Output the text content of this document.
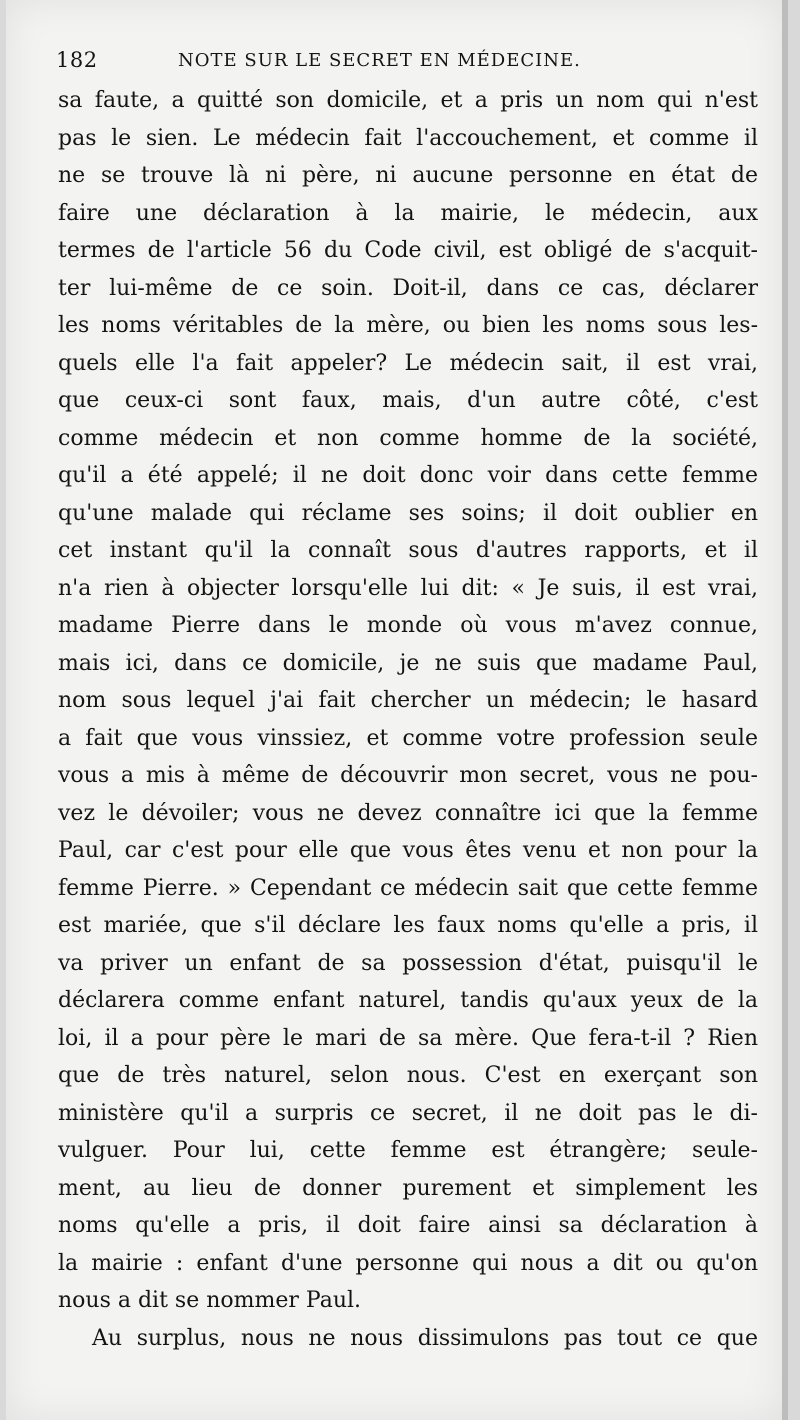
182	NOTE SUR LE SECRET EN MÉDECINE.
sa faute, a quitté son domicile, et a pris un nom qui n'est
pas le sien. Le médecin fait l'accouchement, et comme il
ne se trouve là ni père, ni aucune personne en état de
faire une déclaration à la mairie, le médecin, aux
termes de l'article 56 du Code civil, est obligé de s'acquit-
ter lui-même de ce soin. Doit-il, dans ce cas, déclarer
les noms véritables de la mère, ou bien les noms sous les-
quels elle l'a fait appeler? Le médecin sait, il est vrai,
que ceux-ci sont faux, mais, d'un autre côté, c'est
comme médecin et non comme homme de la société,
qu'il a été appelé; il ne doit donc voir dans cette femme
qu'une malade qui réclame ses soins; il doit oublier en
cet instant qu'il la connaît sous d'autres rapports, et il
n'a rien à objecter lorsqu'elle lui dit: « Je suis, il est vrai,
madame Pierre dans le monde où vous m'avez connue,
mais ici, dans ce domicile, je ne suis que madame Paul,
nom sous lequel j'ai fait chercher un médecin; le hasard
a fait que vous vinssiez, et comme votre profession seule
vous a mis à même de découvrir mon secret, vous ne pou-
vez le dévoiler; vous ne devez connaître ici que la femme
Paul, car c'est pour elle que vous êtes venu et non pour la
femme Pierre. » Cependant ce médecin sait que cette femme
est mariée, que s'il déclare les faux noms qu'elle a pris, il
va priver un enfant de sa possession d'état, puisqu'il le
déclarera comme enfant naturel, tandis qu'aux yeux de la
loi, il a pour père le mari de sa mère. Que fera-t-il ? Rien
que de très naturel, selon nous. C'est en exerçant son
ministère qu'il a surpris ce secret, il ne doit pas le di-
vulguer. Pour lui, cette femme est étrangère; seule-
ment, au lieu de donner purement et simplement les
noms qu'elle a pris, il doit faire ainsi sa déclaration à
la mairie : enfant d'une personne qui nous a dit ou qu'on
nous a dit se nommer Paul.
Au surplus, nous ne nous dissimulons pas tout ce que
